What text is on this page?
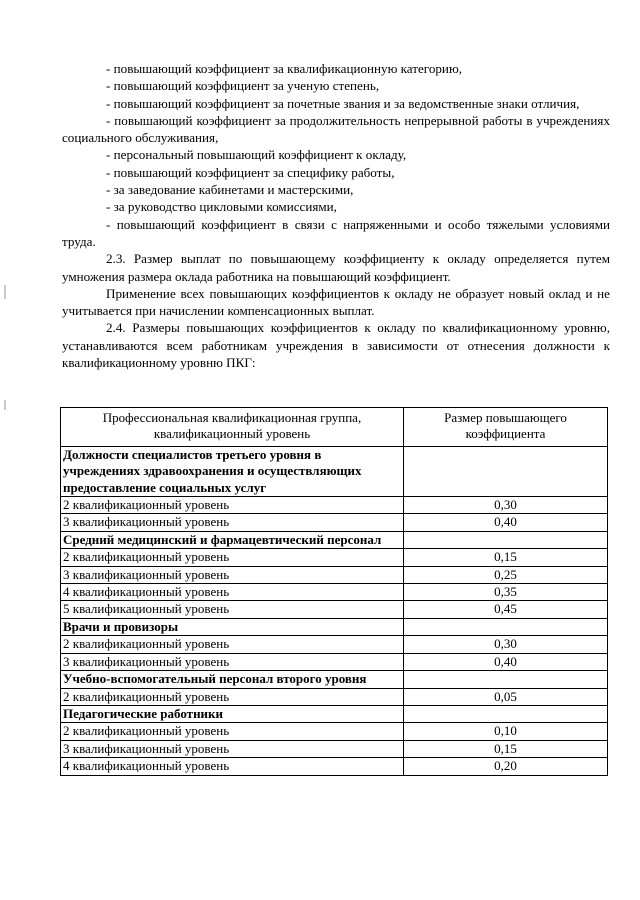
- повышающий коэффициент за квалификационную категорию,

- повышающий коэффициент за ученую степень,

- повышающий коэффициент за почетные звания и за ведомственные знаки отличия,

- повышающий коэффициент за продолжительность непрерывной работы в учреждениях социального обслуживания,

- персональный повышающий коэффициент к окладу,

- повышающий коэффициент за специфику работы,

- за заведование кабинетами и мастерскими,

- за руководство цикловыми комиссиями,

- повышающий коэффициент в связи с напряженными и особо тяжелыми условиями труда.

2.3. Размер выплат по повышающему коэффициенту к окладу определяется путем умножения размера оклада работника на повышающий коэффициент.

Применение всех повышающих коэффициентов к окладу не образует новый оклад и не учитывается при начислении компенсационных выплат.

2.4. Размеры повышающих коэффициентов к окладу по квалификационному уровню, устанавливаются всем работникам учреждения в зависимости от отнесения должности к квалификационному уровню ПКГ:

Профессиональная квалификационная группа, квалификационный уровень	Размер повышающего коэффициента
Должности специалистов третьего уровня в учреждениях здравоохранения и осуществляющих предоставление социальных услуг	
2 квалификационный уровень	0,30
3 квалификационный уровень	0,40
Средний медицинский и фармацевтический персонал	
2 квалификационный уровень	0,15
3 квалификационный уровень	0,25
4 квалификационный уровень	0,35
5 квалификационный уровень	0,45
Врачи и провизоры	
2 квалификационный уровень	0,30
3 квалификационный уровень	0,40
Учебно-вспомогательный персонал второго уровня	
2 квалификационный уровень	0,05
Педагогические работники	
2 квалификационный уровень	0,10
3 квалификационный уровень	0,15
4 квалификационный уровень	0,20
